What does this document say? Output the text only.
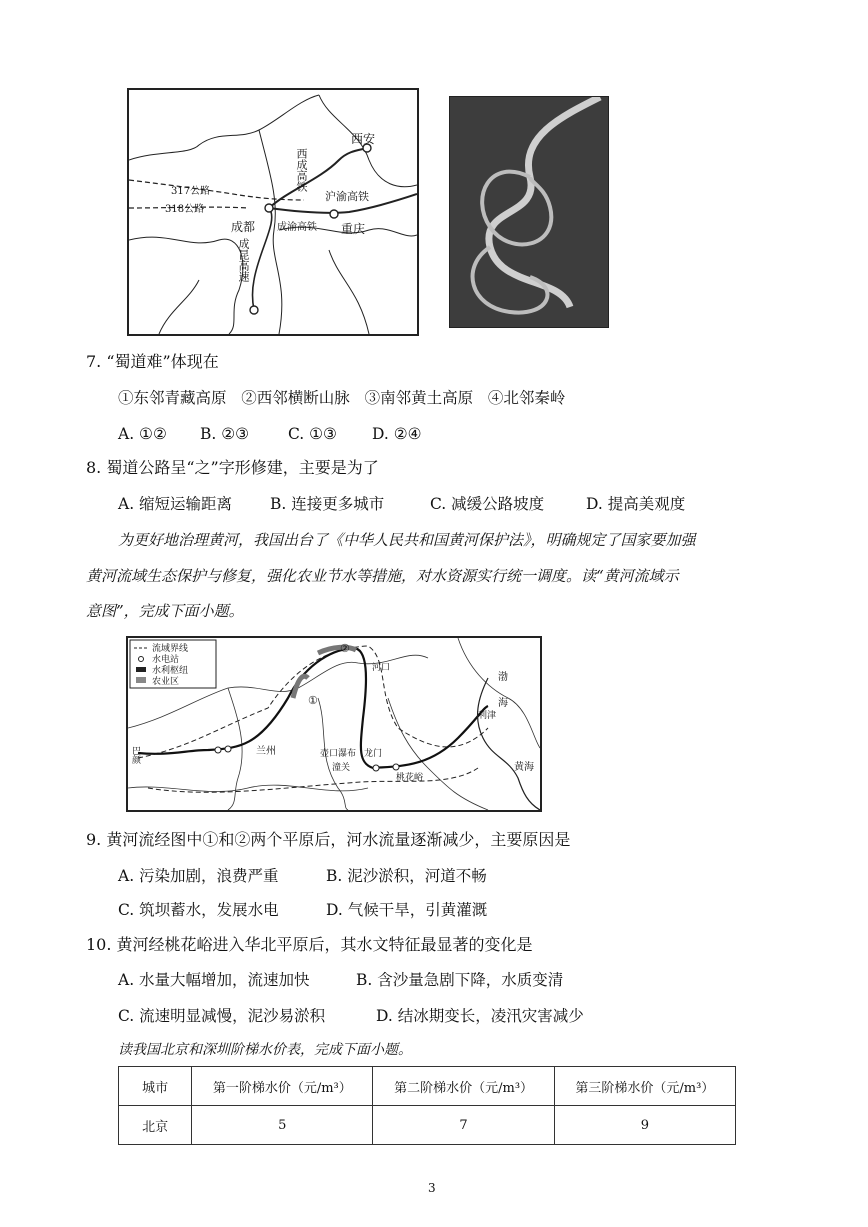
西安
成都	重庆
317公路
318公路
西成高铁
沪渝高铁
成渝高铁
成昆高速
7. “蜀道难”体现在
①东邻青藏高原   ②西邻横断山脉   ③南邻黄土高原   ④北邻秦岭
A. ①② B. ②③	C. ①③ D. ②④
8. 蜀道公路呈“之”字形修建，主要是为了
A. 缩短运输距离 B. 连接更多城市	C. 减缓公路坡度	D. 提高美观度
为更好地治理黄河，我国出台了《中华人民共和国黄河保护法》，明确规定了国家要加强
黄河流域生态保护与修复，强化农业节水等措施，对水资源实行统一调度。读“黄河流域示
意图”，完成下面小题。
流域界线
水电站
水利枢纽
农业区
①
②
河口
兰州
渤
海
黄海
利津
桃花峪
壶口瀑布 龙门
潼关
巴颜
9. 黄河流经图中①和②两个平原后，河水流量逐渐减少，主要原因是
A. 污染加剧，浪费严重	B. 泥沙淤积，河道不畅
C. 筑坝蓄水，发展水电	D. 气候干旱，引黄灌溉
10. 黄河经桃花峪进入华北平原后，其水文特征最显著的变化是
A. 水量大幅增加，流速加快	B. 含沙量急剧下降，水质变清
C. 流速明显减慢，泥沙易淤积	D. 结冰期变长，凌汛灾害减少
读我国北京和深圳阶梯水价表，完成下面小题。
城市	第一阶梯水价（元/m³）	第二阶梯水价（元/m³）	第三阶梯水价（元/m³）
北京	5	7	9
3
